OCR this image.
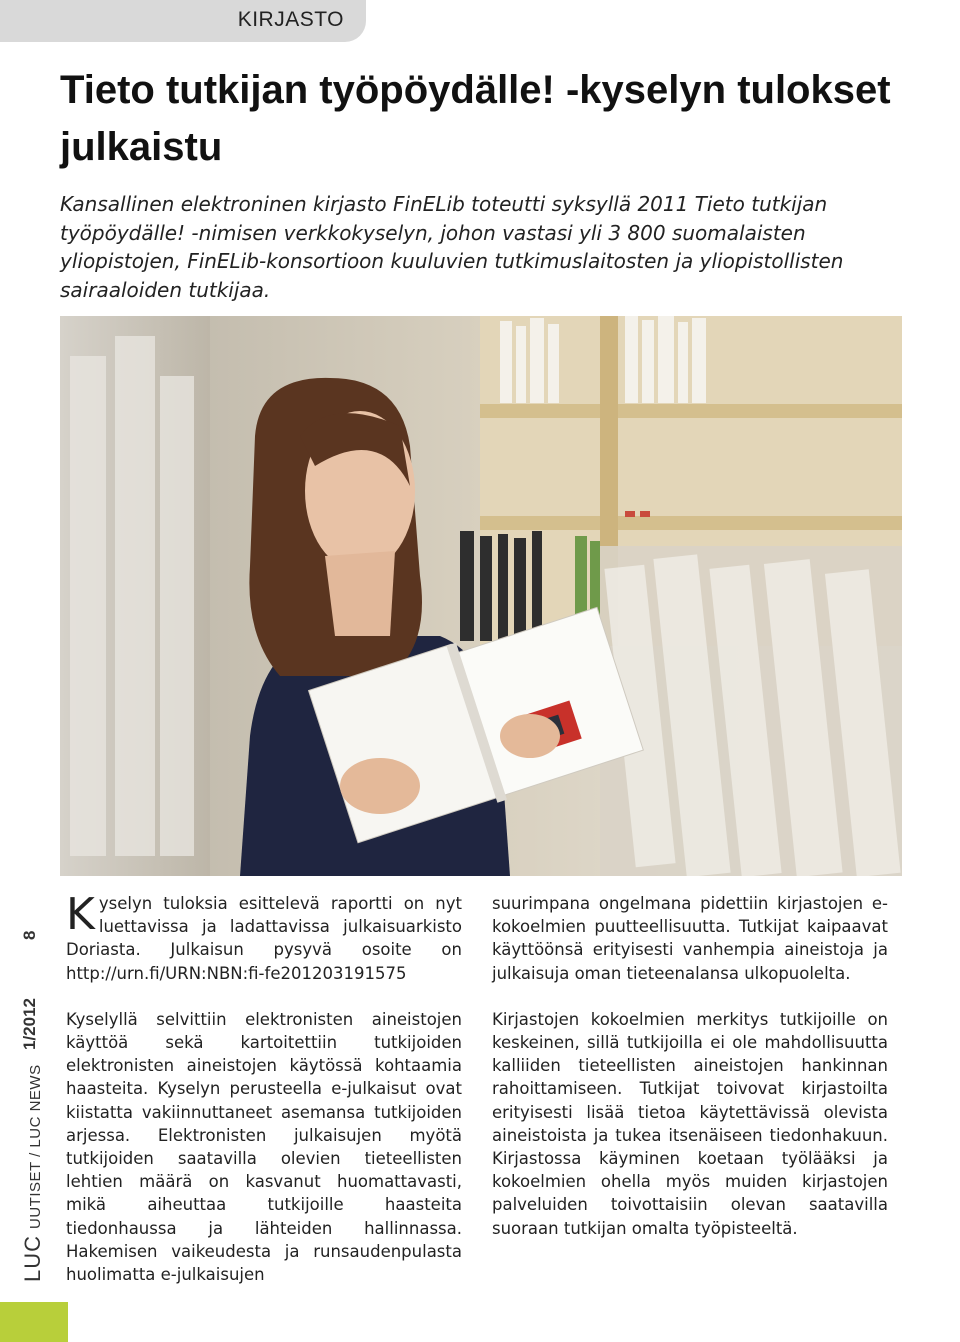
KIRJASTO
Tieto tutkijan työpöydälle! -kyselyn tulokset julkaistu

Kansallinen elektroninen kirjasto FinELib toteutti syksyllä 2011 Tieto tutkijan työpöydälle! -nimisen verkkokyselyn, johon vastasi yli 3 800 suomalaisten yliopistojen, FinELib-konsortioon kuuluvien tutkimuslaitosten ja yliopistollisten sairaaloiden tutkijaa.

8
1/2012
LUCUUTISET / LUC NEWS

Kyselyn tuloksia esittelevä raportti on nyt luettavissa ja ladattavissa julkaisuarkisto Doriasta. Julkaisun pysyvä osoite on http://urn.fi/URN:NBN:fi-fe201203191575

Kyselyllä selvittiin elektronisten aineistojen käyttöä sekä kartoitettiin tutkijoiden elektronisten aineistojen käytössä kohtaamia haasteita. Kyselyn perusteella e-julkaisut ovat kiistatta vakiinnuttaneet asemansa tutkijoiden arjessa. Elektronisten julkaisujen myötä tutkijoiden saatavilla olevien tieteellisten lehtien määrä on kasvanut huomattavasti, mikä aiheuttaa tutkijoille haasteita tiedonhaussa ja lähteiden hallinnassa. Hakemisen vaikeudesta ja runsaudenpulasta huolimatta e-julkaisujen

suurimpana ongelmana pidettiin kirjastojen e-kokoelmien puutteellisuutta. Tutkijat kaipaavat käyttöönsä erityisesti vanhempia aineistoja ja julkaisuja oman tieteenalansa ulkopuolelta.

Kirjastojen kokoelmien merkitys tutkijoille on keskeinen, sillä tutkijoilla ei ole mahdollisuutta kalliiden tieteellisten aineistojen hankinnan rahoittamiseen. Tutkijat toivovat kirjastoilta erityisesti lisää tietoa käytettävissä olevista aineistoista ja tukea itsenäiseen tiedonhakuun. Kirjastossa käyminen koetaan työlääksi ja kokoelmien ohella myös muiden kirjastojen palveluiden toivottaisiin olevan saatavilla suoraan tutkijan omalta työpisteeltä.
